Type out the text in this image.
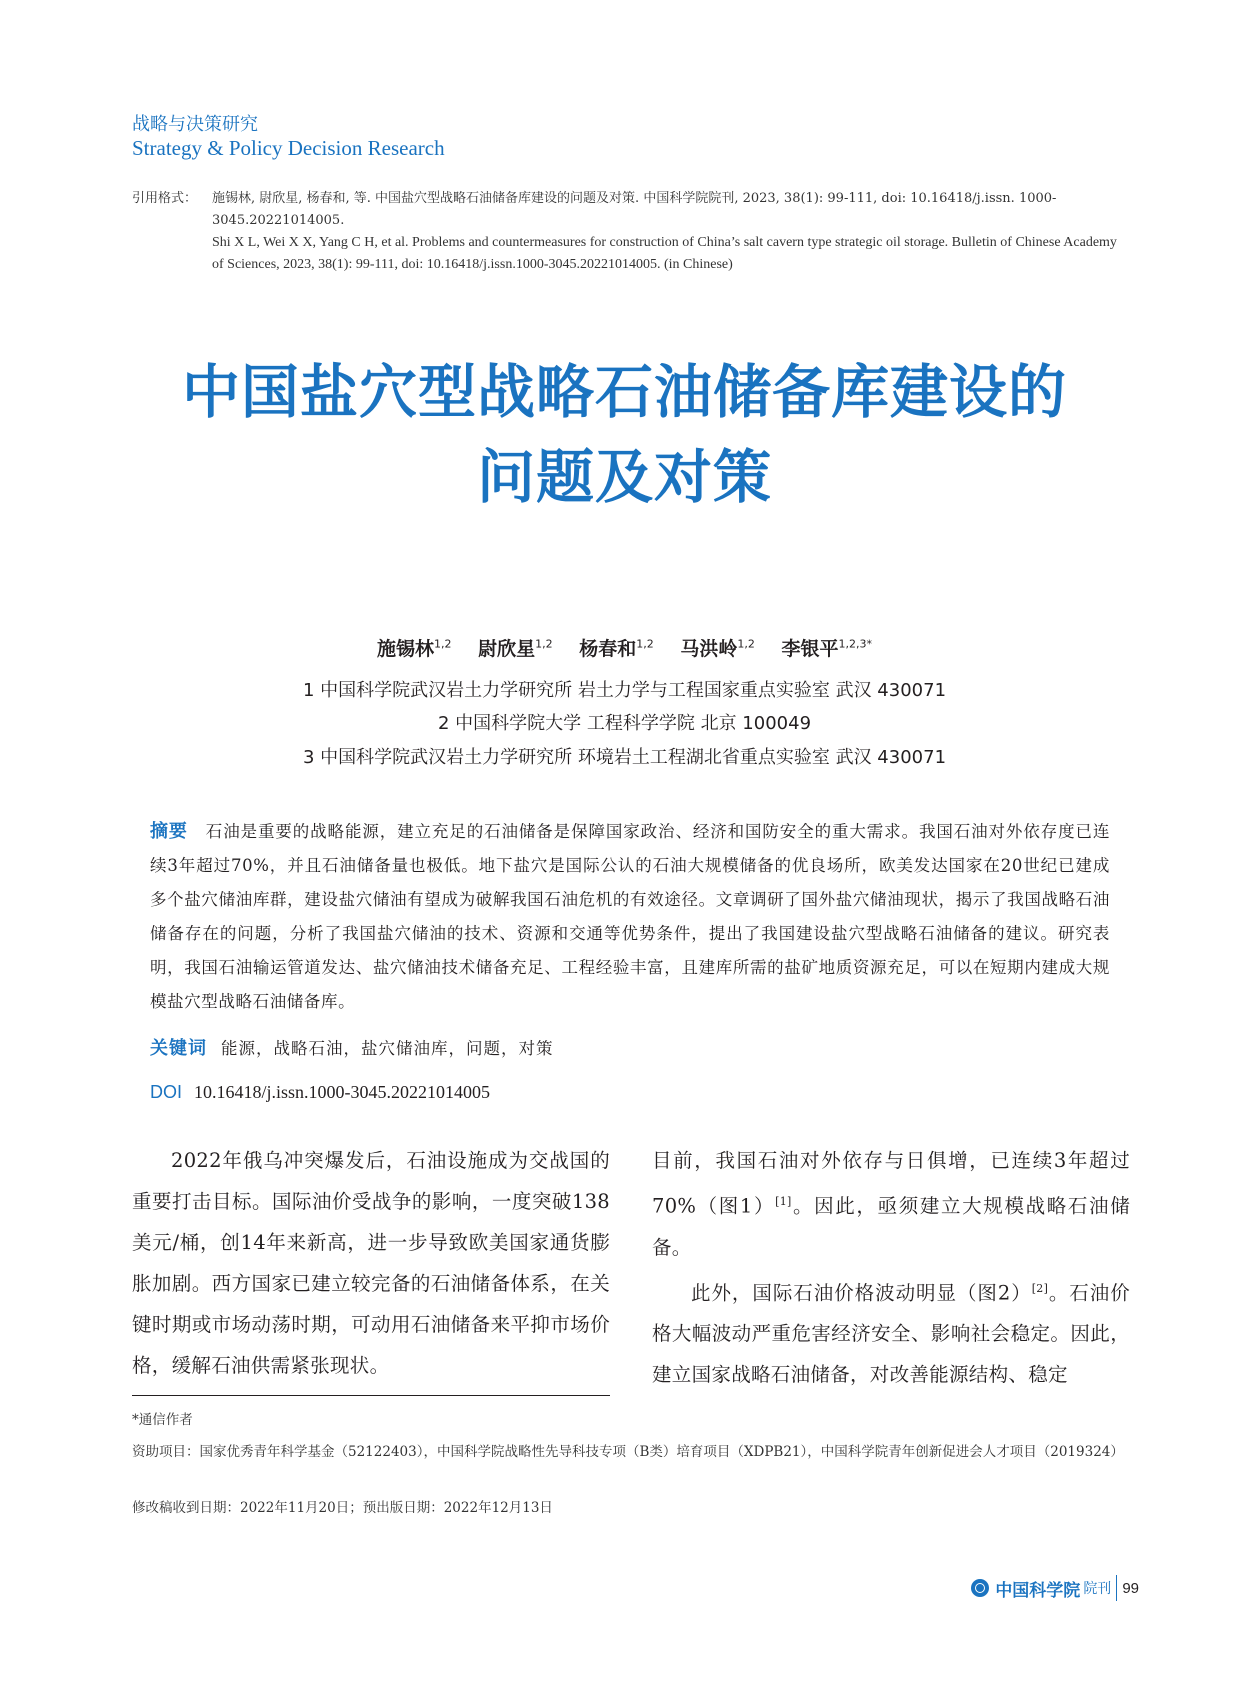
战略与决策研究
Strategy & Policy Decision Research
引用格式： 施锡林, 尉欣星, 杨春和, 等. 中国盐穴型战略石油储备库建设的问题及对策. 中国科学院院刊, 2023, 38(1): 99-111, doi: 10.16418/j.issn. 1000-3045.20221014005.

Shi X L, Wei X X, Yang C H, et al. Problems and countermeasures for construction of China’s salt cavern type strategic oil storage. Bulletin of Chinese Academy of Sciences, 2023, 38(1): 99-111, doi: 10.16418/j.issn.1000-3045.20221014005. (in Chinese)

中国盐穴型战略石油储备库建设的
问题及对策
施锡林$^{1,2}$ 尉欣星$^{1,2}$ 杨春和$^{1,2}$ 马洪岭$^{1,2}$ 李银平$^{1,2,3*}$
1 中国科学院武汉岩土力学研究所 岩土力学与工程国家重点实验室 武汉 430071
2 中国科学院大学 工程科学学院 北京 100049
3 中国科学院武汉岩土力学研究所 环境岩土工程湖北省重点实验室 武汉 430071
摘要 石油是重要的战略能源，建立充足的石油储备是保障国家政治、经济和国防安全的重大需求。我国石油对外依存度已连续3年超过70%，并且石油储备量也极低。地下盐穴是国际公认的石油大规模储备的优良场所，欧美发达国家在20世纪已建成多个盐穴储油库群，建设盐穴储油有望成为破解我国石油危机的有效途径。文章调研了国外盐穴储油现状，揭示了我国战略石油储备存在的问题，分析了我国盐穴储油的技术、资源和交通等优势条件，提出了我国建设盐穴型战略石油储备的建议。研究表明，我国石油输运管道发达、盐穴储油技术储备充足、工程经验丰富，且建库所需的盐矿地质资源充足，可以在短期内建成大规模盐穴型战略石油储备库。
关键词 能源，战略石油，盐穴储油库，问题，对策
DOI 10.16418/j.issn.1000-3045.20221014005

2022年俄乌冲突爆发后，石油设施成为交战国的重要打击目标。国际油价受战争的影响，一度突破138美元/桶，创14年来新高，进一步导致欧美国家通货膨胀加剧。西方国家已建立较完备的石油储备体系，在关键时期或市场动荡时期，可动用石油储备来平抑市场价格，缓解石油供需紧张现状。

目前，我国石油对外依存与日俱增，已连续3年超过70%（图1）[1]。因此，亟须建立大规模战略石油储备。

此外，国际石油价格波动明显（图2）[2]。石油价格大幅波动严重危害经济安全、影响社会稳定。因此，建立国家战略石油储备，对改善能源结构、稳定

*通信作者
资助项目：国家优秀青年科学基金（52122403），中国科学院战略性先导科技专项（B类）培育项目（XDPB21），中国科学院青年创新促进会人才项目（2019324）
修改稿收到日期：2022年11月20日；预出版日期：2022年12月13日
中国科学院 院刊 99
